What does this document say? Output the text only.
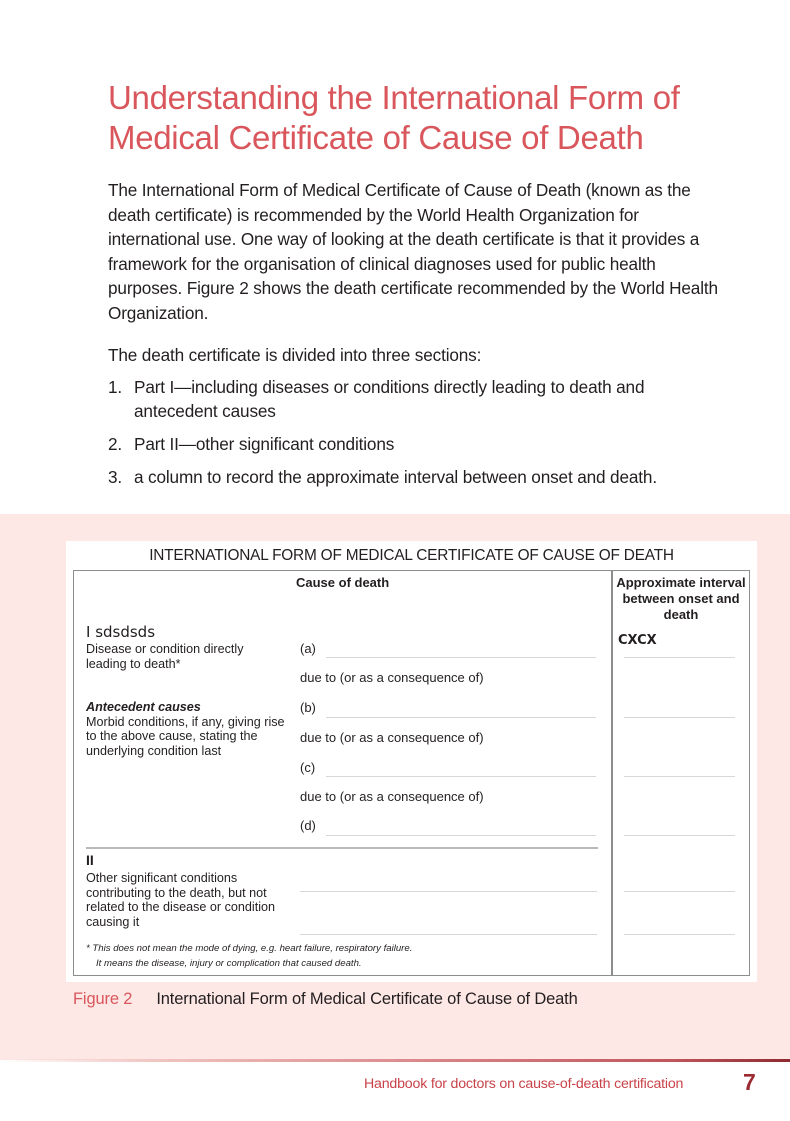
Understanding the International Form of Medical Certificate of Cause of Death

The International Form of Medical Certificate of Cause of Death (known as the death certificate) is recommended by the World Health Organization for international use. One way of looking at the death certificate is that it provides a framework for the organisation of clinical diagnoses used for public health purposes. Figure 2 shows the death certificate recommended by the World Health Organization.

The death certificate is divided into three sections:

1. Part I—including diseases or conditions directly leading to death and antecedent causes
2. Part II—other significant conditions
3. a column to record the approximate interval between onset and death.
INTERNATIONAL FORM OF MEDICAL CERTIFICATE OF CAUSE OF DEATH
Cause of death	Approximate interval between onset and death
I sdsdsds
Disease or condition directly leading to death*
Antecedent causes
Morbid conditions, if any, giving rise to the above cause, stating the underlying condition last
CXCX
(a)
due to (or as a consequence of)
(b)
due to (or as a consequence of)
(c)
due to (or as a consequence of)
(d)
II
Other significant conditions contributing to the death, but not related to the disease or condition causing it
* This does not mean the mode of dying, e.g. heart failure, respiratory failure.
It means the disease, injury or complication that caused death.
Figure 2 International Form of Medical Certificate of Cause of Death
Handbook for doctors on cause-of-death certification	7
